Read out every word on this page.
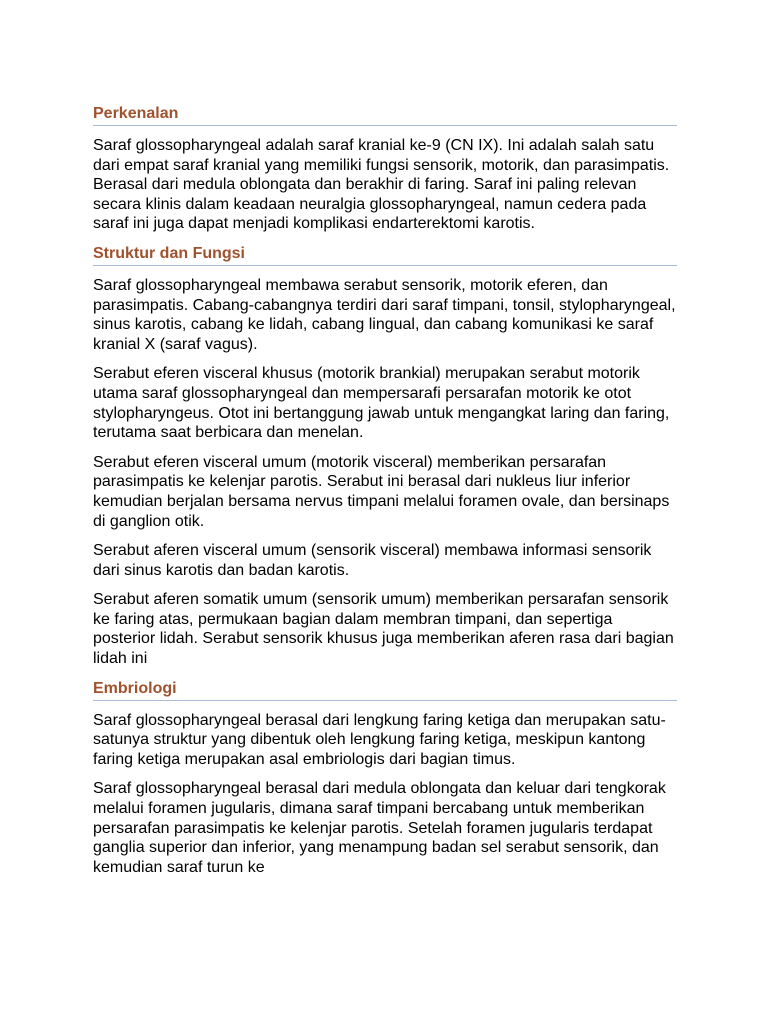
Perkenalan

Saraf glossopharyngeal adalah saraf kranial ke-9 (CN IX). Ini adalah salah satu dari empat saraf kranial yang memiliki fungsi sensorik, motorik, dan parasimpatis. Berasal dari medula oblongata dan berakhir di faring. Saraf ini paling relevan secara klinis dalam keadaan neuralgia glossopharyngeal, namun cedera pada saraf ini juga dapat menjadi komplikasi endarterektomi karotis.

Struktur dan Fungsi

Saraf glossopharyngeal membawa serabut sensorik, motorik eferen, dan parasimpatis. Cabang-cabangnya terdiri dari saraf timpani, tonsil, stylopharyngeal, sinus karotis, cabang ke lidah, cabang lingual, dan cabang komunikasi ke saraf kranial X (saraf vagus).

Serabut eferen visceral khusus (motorik brankial) merupakan serabut motorik utama saraf glossopharyngeal dan mempersarafi persarafan motorik ke otot stylopharyngeus. Otot ini bertanggung jawab untuk mengangkat laring dan faring, terutama saat berbicara dan menelan.

Serabut eferen visceral umum (motorik visceral) memberikan persarafan parasimpatis ke kelenjar parotis. Serabut ini berasal dari nukleus liur inferior kemudian berjalan bersama nervus timpani melalui foramen ovale, dan bersinaps di ganglion otik.

Serabut aferen visceral umum (sensorik visceral) membawa informasi sensorik dari sinus karotis dan badan karotis.

Serabut aferen somatik umum (sensorik umum) memberikan persarafan sensorik ke faring atas, permukaan bagian dalam membran timpani, dan sepertiga posterior lidah. Serabut sensorik khusus juga memberikan aferen rasa dari bagian lidah ini

Embriologi

Saraf glossopharyngeal berasal dari lengkung faring ketiga dan merupakan satu-satunya struktur yang dibentuk oleh lengkung faring ketiga, meskipun kantong faring ketiga merupakan asal embriologis dari bagian timus.

Saraf glossopharyngeal berasal dari medula oblongata dan keluar dari tengkorak melalui foramen jugularis, dimana saraf timpani bercabang untuk memberikan persarafan parasimpatis ke kelenjar parotis. Setelah foramen jugularis terdapat ganglia superior dan inferior, yang menampung badan sel serabut sensorik, dan kemudian saraf turun ke
